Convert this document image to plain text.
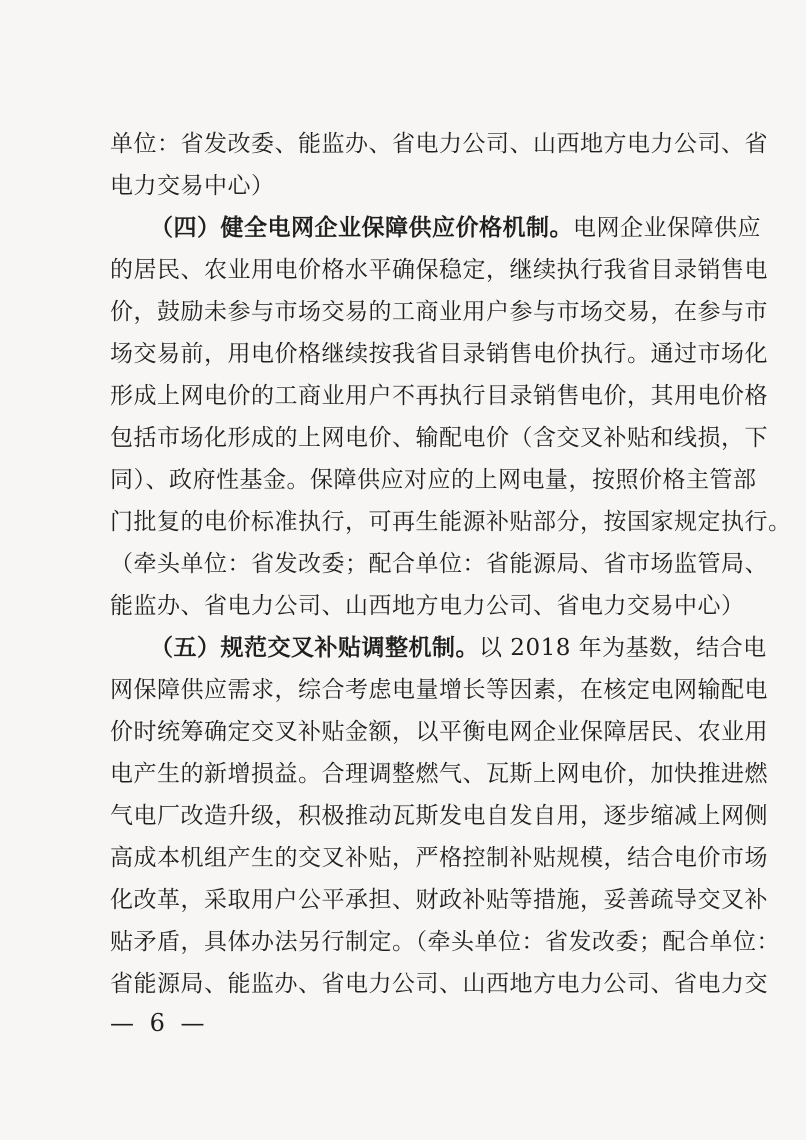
单位：省发改委、能监办、省电力公司、山西地方电力公司、省
电力交易中心）
（四）健全电网企业保障供应价格机制。电网企业保障供应
的居民、农业用电价格水平确保稳定，继续执行我省目录销售电
价，鼓励未参与市场交易的工商业用户参与市场交易，在参与市
场交易前，用电价格继续按我省目录销售电价执行。通过市场化
形成上网电价的工商业用户不再执行目录销售电价，其用电价格
包括市场化形成的上网电价、输配电价（含交叉补贴和线损，下
同）、政府性基金。保障供应对应的上网电量，按照价格主管部
门批复的电价标准执行，可再生能源补贴部分，按国家规定执行。
（牵头单位：省发改委；配合单位：省能源局、省市场监管局、
能监办、省电力公司、山西地方电力公司、省电力交易中心）
（五）规范交叉补贴调整机制。以 2018 年为基数，结合电
网保障供应需求，综合考虑电量增长等因素，在核定电网输配电
价时统筹确定交叉补贴金额，以平衡电网企业保障居民、农业用
电产生的新增损益。合理调整燃气、瓦斯上网电价，加快推进燃
气电厂改造升级，积极推动瓦斯发电自发自用，逐步缩减上网侧
高成本机组产生的交叉补贴，严格控制补贴规模，结合电价市场
化改革，采取用户公平承担、财政补贴等措施，妥善疏导交叉补
贴矛盾，具体办法另行制定。（牵头单位：省发改委；配合单位：
省能源局、能监办、省电力公司、山西地方电力公司、省电力交
— 6 —
